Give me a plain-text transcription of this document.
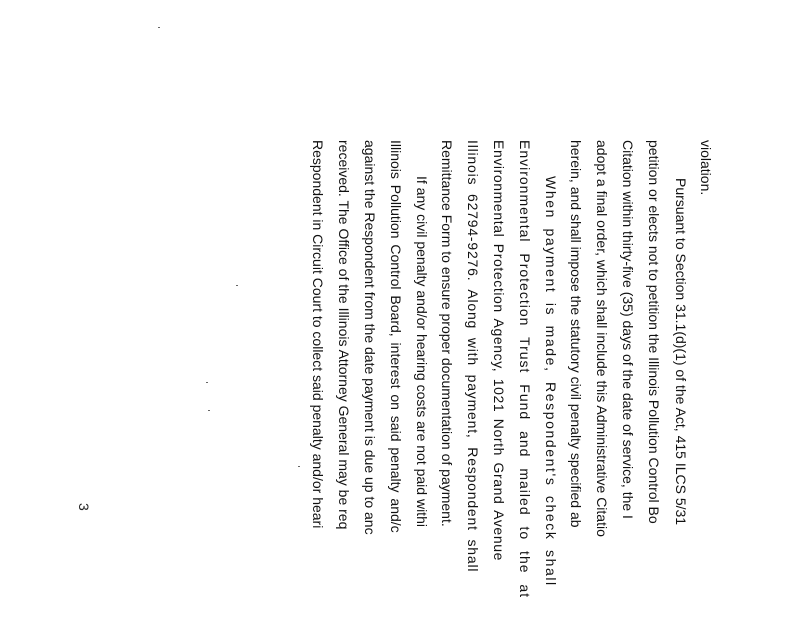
violation.
Pursuant to Section 31.1(d)(1) of the Act, 415 ILCS 5/31
petition or elects not to petition the Illinois Pollution Control Bo
Citation within thirty-five (35) days of the date of service, the I
adopt a final order, which shall include this Administrative Citatio
herein, and shall impose the statutory civil penalty specified ab
When payment is made, Respondent's check shall
Environmental Protection Trust Fund and mailed to the at
Environmental Protection Agency, 1021 North Grand Avenue
Illinois 62794-9276. Along with payment, Respondent shall
Remittance Form to ensure proper documentation of payment.
If any civil penalty and/or hearing costs are not paid withi
Illinois Pollution Control Board, interest on said penalty and/c
against the Respondent from the date payment is due up to anc
received. The Office of the Illinois Attorney General may be req
Respondent in Circuit Court to collect said penalty and/or heari
3
